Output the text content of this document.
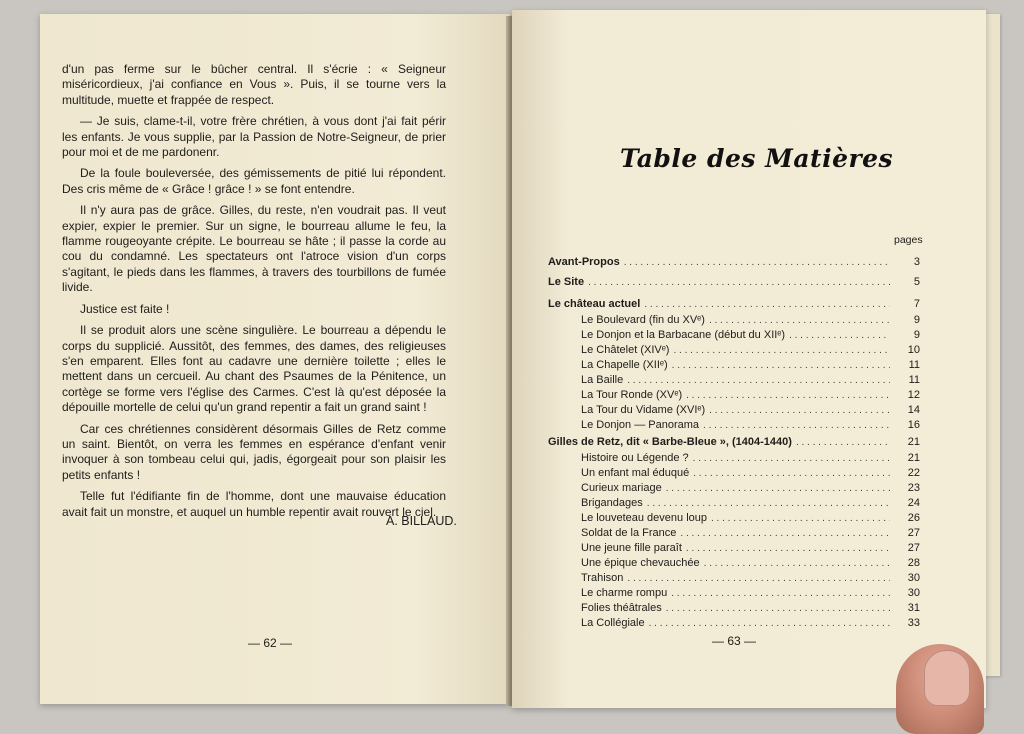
d'un pas ferme sur le bûcher central. Il s'écrie : « Seigneur miséricordieux, j'ai confiance en Vous ». Puis, il se tourne vers la multitude, muette et frappée de respect.

— Je suis, clame-t-il, votre frère chrétien, à vous dont j'ai fait périr les enfants. Je vous supplie, par la Passion de Notre-Seigneur, de prier pour moi et de me pardonenr.

De la foule bouleversée, des gémissements de pitié lui répondent. Des cris même de « Grâce ! grâce ! » se font entendre.

Il n'y aura pas de grâce. Gilles, du reste, n'en voudrait pas. Il veut expier, expier le premier. Sur un signe, le bourreau allume le feu, la flamme rougeoyante crépite. Le bourreau se hâte ; il passe la corde au cou du condamné. Les spectateurs ont l'atroce vision d'un corps s'agitant, le pieds dans les flammes, à travers des tourbillons de fumée livide.

Justice est faite !

Il se produit alors une scène singulière. Le bourreau a dépendu le corps du supplicié. Aussitôt, des femmes, des dames, des religieuses s'en emparent. Elles font au cadavre une dernière toilette ; elles le mettent dans un cercueil. Au chant des Psaumes de la Pénitence, un cortège se forme vers l'église des Carmes. C'est là qu'est déposée la dépouille mortelle de celui qu'un grand repentir a fait un grand saint !

Car ces chrétiennes considèrent désormais Gilles de Retz comme un saint. Bientôt, on verra les femmes en espérance d'enfant venir invoquer à son tombeau celui qui, jadis, égorgeait pour son plaisir les petits enfants !

Telle fut l'édifiante fin de l'homme, dont une mauvaise éducation avait fait un monstre, et auquel un humble repentir avait rouvert le ciel.

A. BILLAUD.
— 62 —
Table des Matières
pages
Avant-Propos . . .	3
Le Site . . .	5
Le château actuel . . .	7
Le Boulevard (fin du XVᵉ) . . .	9
Le Donjon et la Barbacane (début du XIIᵉ) . . .	9
Le Châtelet (XIVᵉ) . . .	10
La Chapelle (XIIᵉ) . . .	11
La Baille . . .	11
La Tour Ronde (XVᵉ) . . .	12
La Tour du Vidame (XVIᵉ) . . .	14
Le Donjon — Panorama . . .	16
Gilles de Retz, dit « Barbe-Bleue », (1404-1440) . . .	21
Histoire ou Légende ? . . .	21
Un enfant mal éduqué . . .	22
Curieux mariage . . .	23
Brigandages . . .	24
Le louveteau devenu loup . . .	26
Soldat de la France . . .	27
Une jeune fille paraît . . .	27
Une épique chevauchée . . .	28
Trahison . . .	30
Le charme rompu . . .	30
Folies théâtrales . . .	31
La Collégiale . . .	33
— 63 —
